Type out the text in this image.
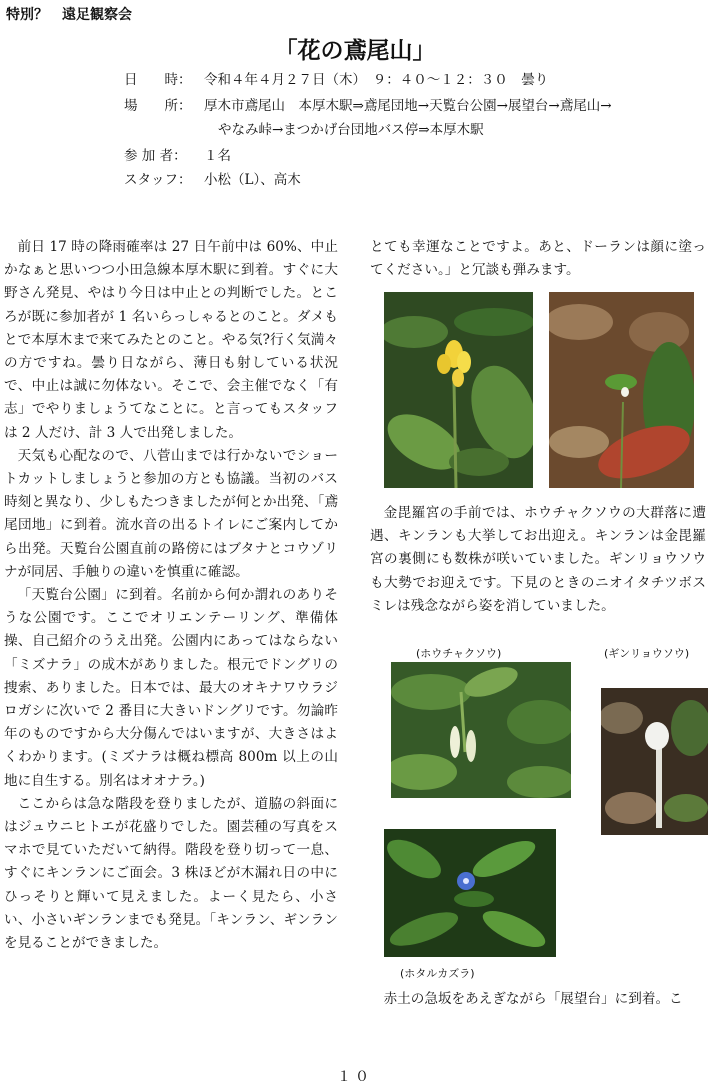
特別？　遠足観察会
「花の鳶尾山」
日　　時： 令和４年４月２７日（木）　９：４０～１２：３０　曇り
場　　所： 厚木市鳶尾山　本厚木駅⇒鳶尾団地→天覧台公園→展望台→鳶尾山→
やなみ峠→まつかげ台団地バス停⇒本厚木駅
参 加 者： １名
スタッフ： 小松（L）、高木

前日 17 時の降雨確率は 27 日午前中は 60%、中止かなぁと思いつつ小田急線本厚木駅に到着。すぐに大野さん発見、やはり今日は中止との判断でした。ところが既に参加者が 1 名いらっしゃるとのこと。ダメもとで本厚木まで来てみたとのこと。やる気?行く気満々の方ですね。曇り日ながら、薄日も射している状況で、中止は誠に勿体ない。そこで、会主催でなく「有志」でやりましょうてなことに。と言ってもスタッフは 2 人だけ、計 3 人で出発しました。

天気も心配なので、八菅山までは行かないでショートカットしましょうと参加の方とも協議。当初のバス時刻と異なり、少しもたつきましたが何とか出発、「鳶尾団地」に到着。流水音の出るトイレにご案内してから出発。天覧台公園直前の路傍にはブタナとコウゾリナが同居、手触りの違いを慎重に確認。

「天覧台公園」に到着。名前から何か謂れのありそうな公園です。ここでオリエンテーリング、準備体操、自己紹介のうえ出発。公園内にあってはならない「ミズナラ」の成木がありました。根元でドングリの捜索、ありました。日本では、最大のオキナワウラジロガシに次いで 2 番目に大きいドングリです。勿論昨年のものですから大分傷んではいますが、大きさはよくわかります。(ミズナラは概ね標高 800m 以上の山地に自生する。別名はオオナラ。)

ここからは急な階段を登りましたが、道脇の斜面にはジュウニヒトエが花盛りでした。園芸種の写真をスマホで見ていただいて納得。階段を登り切って一息、すぐにキンランにご面会。3 株ほどが木漏れ日の中にひっそりと輝いて見えました。よーく見たら、小さい、小さいギンランまでも発見。「キンラン、ギンランを見ることができました。

とても幸運なことですよ。あと、ドーランは顔に塗ってください。」と冗談も弾みます。

金毘羅宮の手前では、ホウチャクソウの大群落に遭遇、キンランも大挙してお出迎え。キンランは金毘羅宮の裏側にも数株が咲いていました。ギンリョウソウも大勢でお迎えです。下見のときのニオイタチツボスミレは残念ながら姿を消していました。

赤土の急坂をあえぎながら「展望台」に到着。こ

(ホウチャクソウ)	(ギンリョウソウ)
(ホタルカズラ)
１０
